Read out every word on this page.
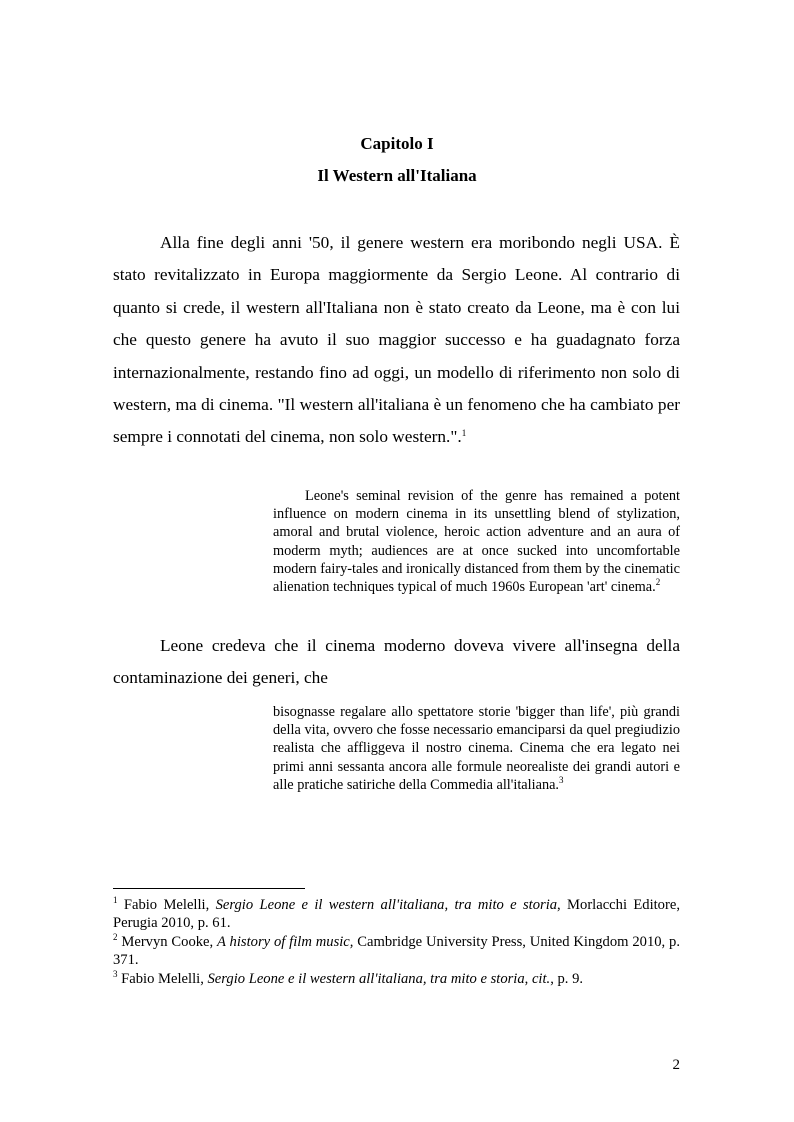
Capitolo I
Il Western all'Italiana

Alla fine degli anni '50, il genere western era moribondo negli USA. È stato revitalizzato in Europa maggiormente da Sergio Leone. Al contrario di quanto si crede, il western all'Italiana non è stato creato da Leone, ma è con lui che questo genere ha avuto il suo maggior successo e ha guadagnato forza internazionalmente, restando fino ad oggi, un modello di riferimento non solo di western, ma di cinema. "Il western all'italiana è un fenomeno che ha cambiato per sempre i connotati del cinema, non solo western.".$^1$

Leone's seminal revision of the genre has remained a potent influence on modern cinema in its unsettling blend of stylization, amoral and brutal violence, heroic action adventure and an aura of moderm myth; audiences are at once sucked into uncomfortable modern fairy-tales and ironically distanced from them by the cinematic alienation techniques typical of much 1960s European 'art' cinema.$^2$

Leone credeva che il cinema moderno doveva vivere all'insegna della contaminazione dei generi, che

bisognasse regalare allo spettatore storie 'bigger than life', più grandi della vita, ovvero che fosse necessario emanciparsi da quel pregiudizio realista che affliggeva il nostro cinema. Cinema che era legato nei primi anni sessanta ancora alle formule neorealiste dei grandi autori e alle pratiche satiriche della Commedia all'italiana.$^3$

$^1$ Fabio Melelli, Sergio Leone e il western all'italiana, tra mito e storia, Morlacchi Editore, Perugia 2010, p. 61.

$^2$ Mervyn Cooke, A history of film music, Cambridge University Press, United Kingdom 2010, p. 371.

$^3$ Fabio Melelli, Sergio Leone e il western all'italiana, tra mito e storia, cit., p. 9.

2
